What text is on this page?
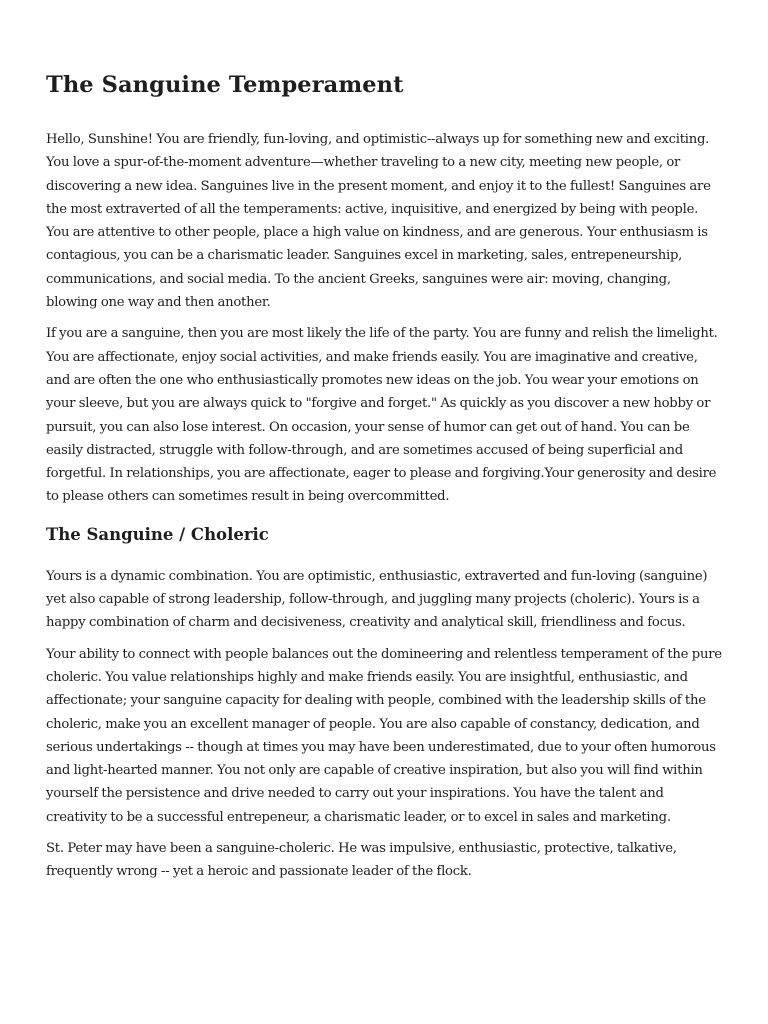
The Sanguine Temperament

Hello, Sunshine! You are friendly, fun-loving, and optimistic--always up for something new and exciting. You love a spur-of-the-moment adventure—whether traveling to a new city, meeting new people, or discovering a new idea. Sanguines live in the present moment, and enjoy it to the fullest! Sanguines are the most extraverted of all the temperaments: active, inquisitive, and energized by being with people. You are attentive to other people, place a high value on kindness, and are generous. Your enthusiasm is contagious, you can be a charismatic leader. Sanguines excel in marketing, sales, entrepeneurship, communications, and social media. To the ancient Greeks, sanguines were air: moving, changing, blowing one way and then another.

If you are a sanguine, then you are most likely the life of the party. You are funny and relish the limelight. You are affectionate, enjoy social activities, and make friends easily. You are imaginative and creative, and are often the one who enthusiastically promotes new ideas on the job. You wear your emotions on your sleeve, but you are always quick to "forgive and forget." As quickly as you discover a new hobby or pursuit, you can also lose interest. On occasion, your sense of humor can get out of hand. You can be easily distracted, struggle with follow-through, and are sometimes accused of being superficial and forgetful. In relationships, you are affectionate, eager to please and forgiving.Your generosity and desire to please others can sometimes result in being overcommitted.

The Sanguine / Choleric

Yours is a dynamic combination. You are optimistic, enthusiastic, extraverted and fun-loving (sanguine) yet also capable of strong leadership, follow-through, and juggling many projects (choleric). Yours is a happy combination of charm and decisiveness, creativity and analytical skill, friendliness and focus.

Your ability to connect with people balances out the domineering and relentless temperament of the pure choleric. You value relationships highly and make friends easily. You are insightful, enthusiastic, and affectionate; your sanguine capacity for dealing with people, combined with the leadership skills of the choleric, make you an excellent manager of people. You are also capable of constancy, dedication, and serious undertakings -- though at times you may have been underestimated, due to your often humorous and light-hearted manner. You not only are capable of creative inspiration, but also you will find within yourself the persistence and drive needed to carry out your inspirations. You have the talent and creativity to be a successful entrepeneur, a charismatic leader, or to excel in sales and marketing.

St. Peter may have been a sanguine-choleric. He was impulsive, enthusiastic, protective, talkative, frequently wrong -- yet a heroic and passionate leader of the flock.
